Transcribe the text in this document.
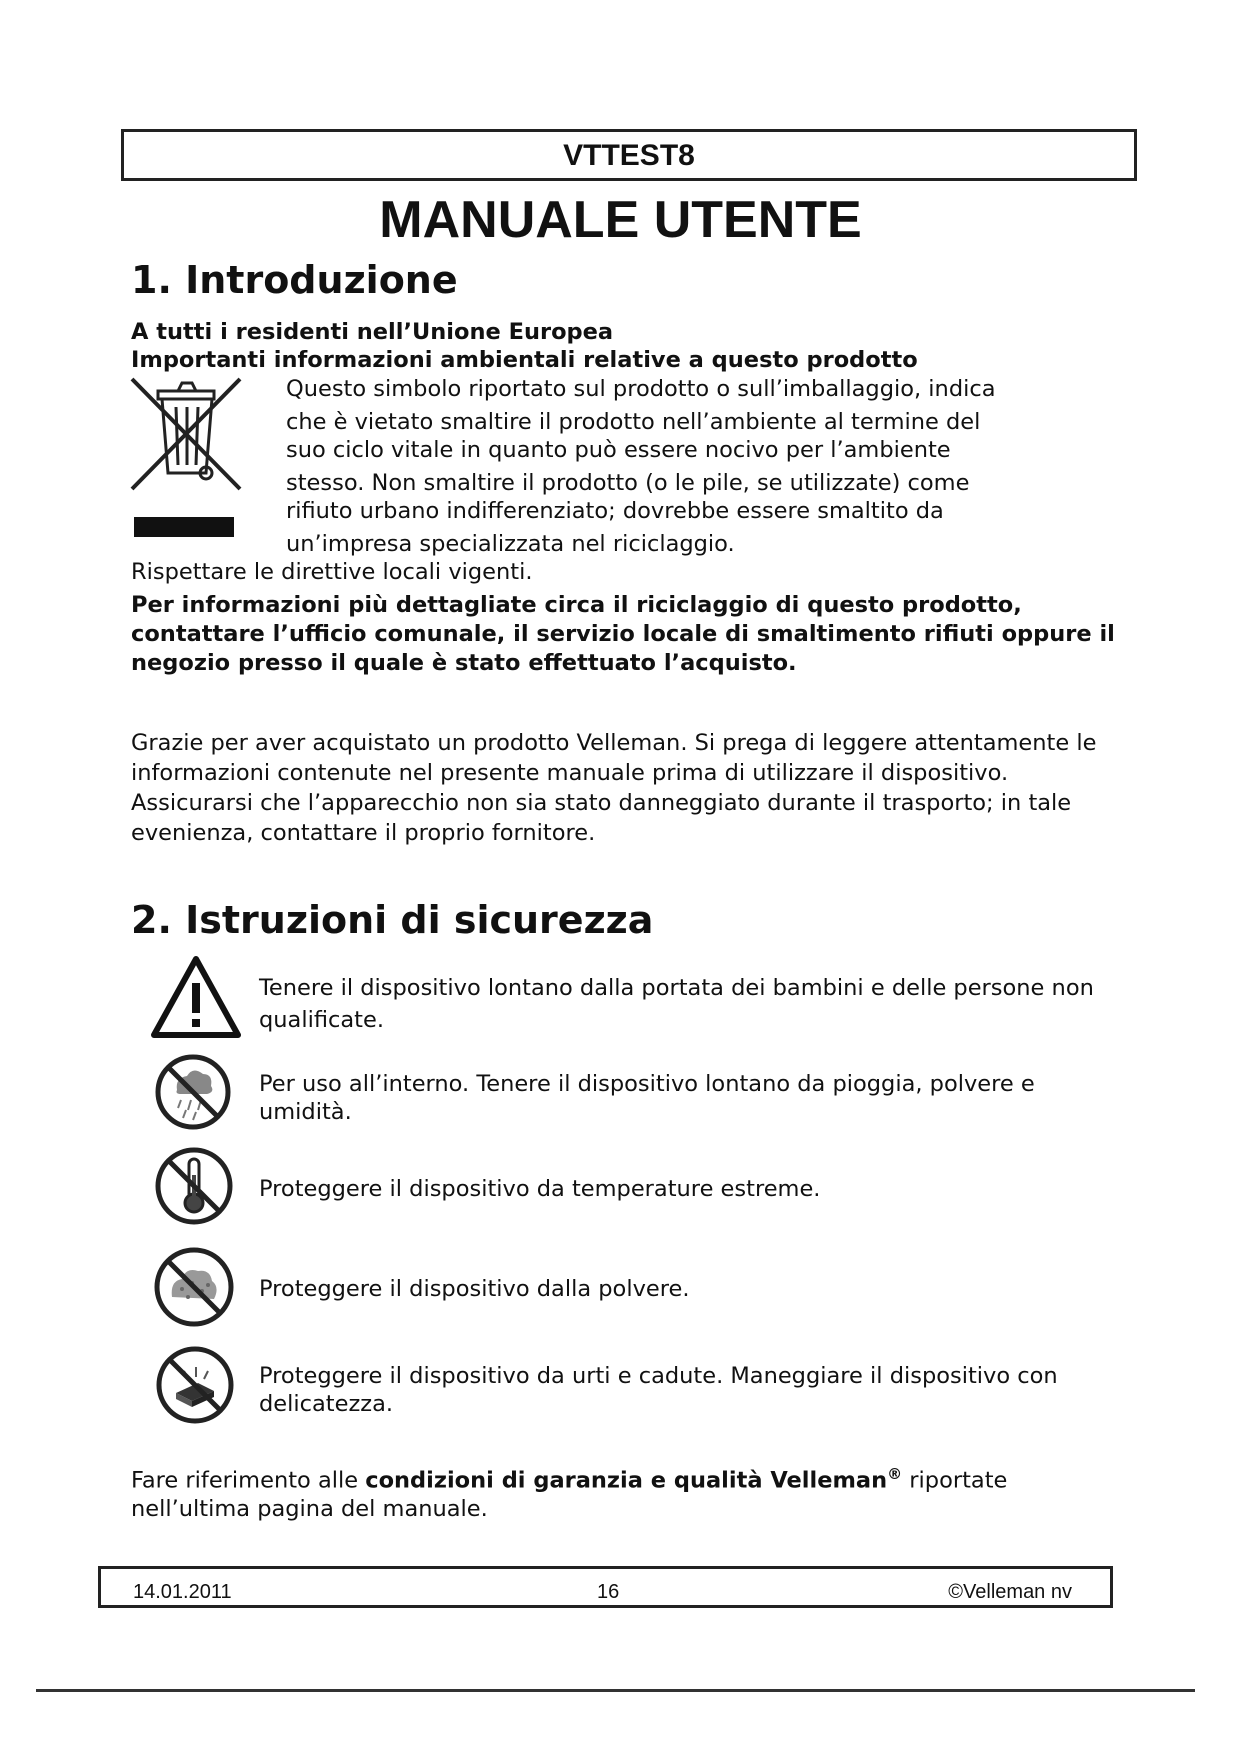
VTTEST8
MANUALE UTENTE
1. Introduzione
A tutti i residenti nell’Unione Europea
Importanti informazioni ambientali relative a questo prodotto
Questo simbolo riportato sul prodotto o sull’imballaggio, indica
che è vietato smaltire il prodotto nell’ambiente al termine del
suo ciclo vitale in quanto può essere nocivo per l’ambiente
stesso. Non smaltire il prodotto (o le pile, se utilizzate) come
rifiuto urbano indifferenziato; dovrebbe essere smaltito da
un’impresa specializzata nel riciclaggio.
Rispettare le direttive locali vigenti.
Per informazioni più dettagliate circa il riciclaggio di questo prodotto, contattare l’ufficio comunale, il servizio locale di smaltimento rifiuti oppure il negozio presso il quale è stato effettuato l’acquisto.
Grazie per aver acquistato un prodotto Velleman. Si prega di leggere attentamente le informazioni contenute nel presente manuale prima di utilizzare il dispositivo. Assicurarsi che l’apparecchio non sia stato danneggiato durante il trasporto; in tale evenienza, contattare il proprio fornitore.
2. Istruzioni di sicurezza
Tenere il dispositivo lontano dalla portata dei bambini e delle persone non qualificate.
Per uso all’interno. Tenere il dispositivo lontano da pioggia, polvere e umidità.
Proteggere il dispositivo da temperature estreme.
Proteggere il dispositivo dalla polvere.
Proteggere il dispositivo da urti e cadute. Maneggiare il dispositivo con delicatezza.
Fare riferimento alle condizioni di garanzia e qualità Velleman® riportate nell’ultima pagina del manuale.
14.01.2011	16	©Velleman nv
